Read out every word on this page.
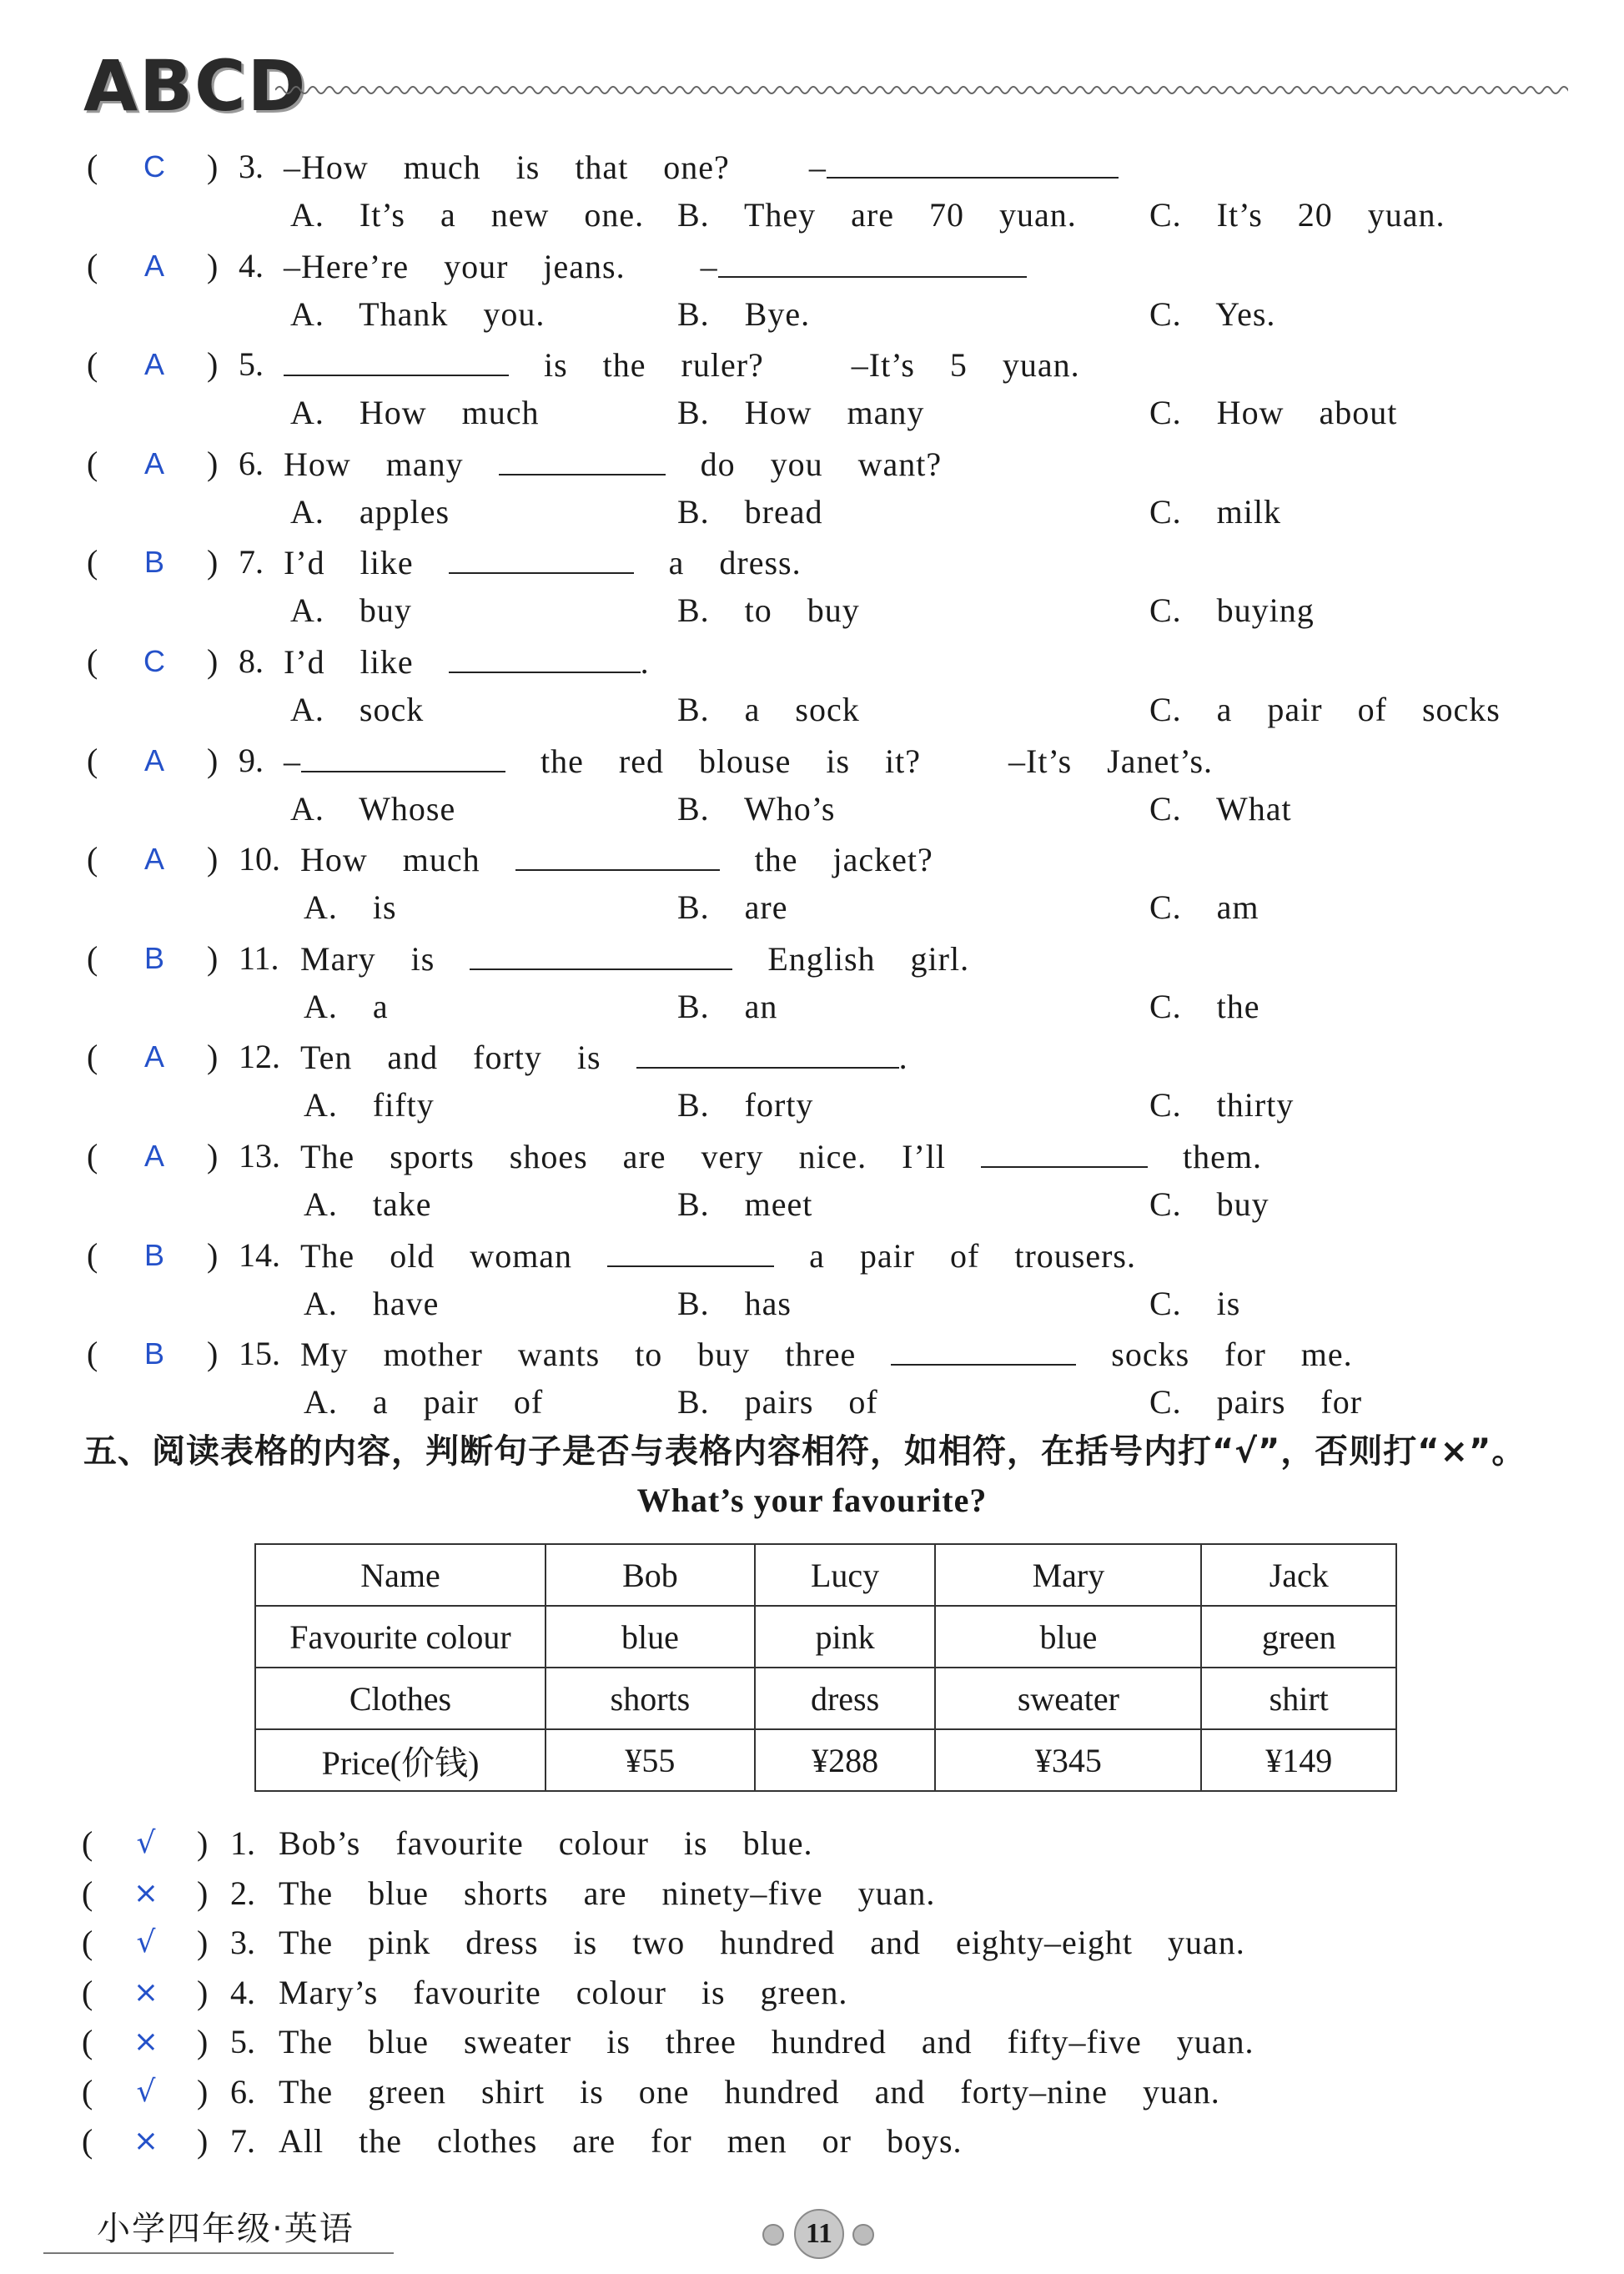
ABCD
(	C	) 3. –How  much  is  that  one? –
A.  It’s  a  new  one. B.  They  are  70  yuan. C.  It’s  20  yuan.
(	A	) 4. –Here’re  your  jeans. –
A.  Thank  you.	B.  Bye.	C.  Yes.
(	A	) 5.	is  the  ruler?     –It’s  5  yuan.
A.  How  much	B.  How  many	C.  How  about
(	A	) 6. How  many	do  you  want?
A.  apples	B.  bread	C.  milk
(	B	) 7. I’d  like	a  dress.
A.  buy	B.  to  buy	C.  buying
(	C	) 8. I’d  like	.
A.  sock	B.  a  sock	C.  a  pair  of  socks
(	A	) 9. –	the  red  blouse  is  it?     –It’s  Janet’s.
A.  Whose	B.  Who’s	C.  What
(	A	) 10. How  much	the  jacket?
A.  is	B.  are	C.  am
(	B	) 11. Mary  is	English  girl.
A.  a	B.  an	C.  the
(	A	) 12. Ten  and  forty  is	.
A.  fifty	B.  forty	C.  thirty
(	A	) 13. The  sports  shoes  are  very  nice.  I’ll	them.
A.  take	B.  meet	C.  buy
(	B	) 14. The  old  woman	a  pair  of  trousers.
A.  have	B.  has	C.  is
(	B	) 15. My  mother  wants  to  buy  three	socks  for  me.
A.  a  pair  of	B.  pairs  of	C.  pairs  for
五、阅读表格的内容，判断句子是否与表格内容相符，如相符，在括号内打“√”，否则打“×”。
What’s your favourite?
Name	Bob	Lucy	Mary	Jack
Favourite colour	blue	pink	blue	green
Clothes	shorts	dress	sweater	shirt
Price(价钱)	¥55	¥288	¥345	¥149
(	√	) 1. Bob’s  favourite  colour  is  blue.
(	×	) 2. The  blue  shorts  are  ninety–five  yuan.
(	√	) 3. The  pink  dress  is  two  hundred  and  eighty–eight  yuan.
(	×	) 4. Mary’s  favourite  colour  is  green.
(	×	) 5. The  blue  sweater  is  three  hundred  and  fifty–five  yuan.
(	√	) 6. The  green  shirt  is  one  hundred  and  forty–nine  yuan.
(	×	) 7. All  the  clothes  are  for  men  or  boys.
小学四年级·英语	11
